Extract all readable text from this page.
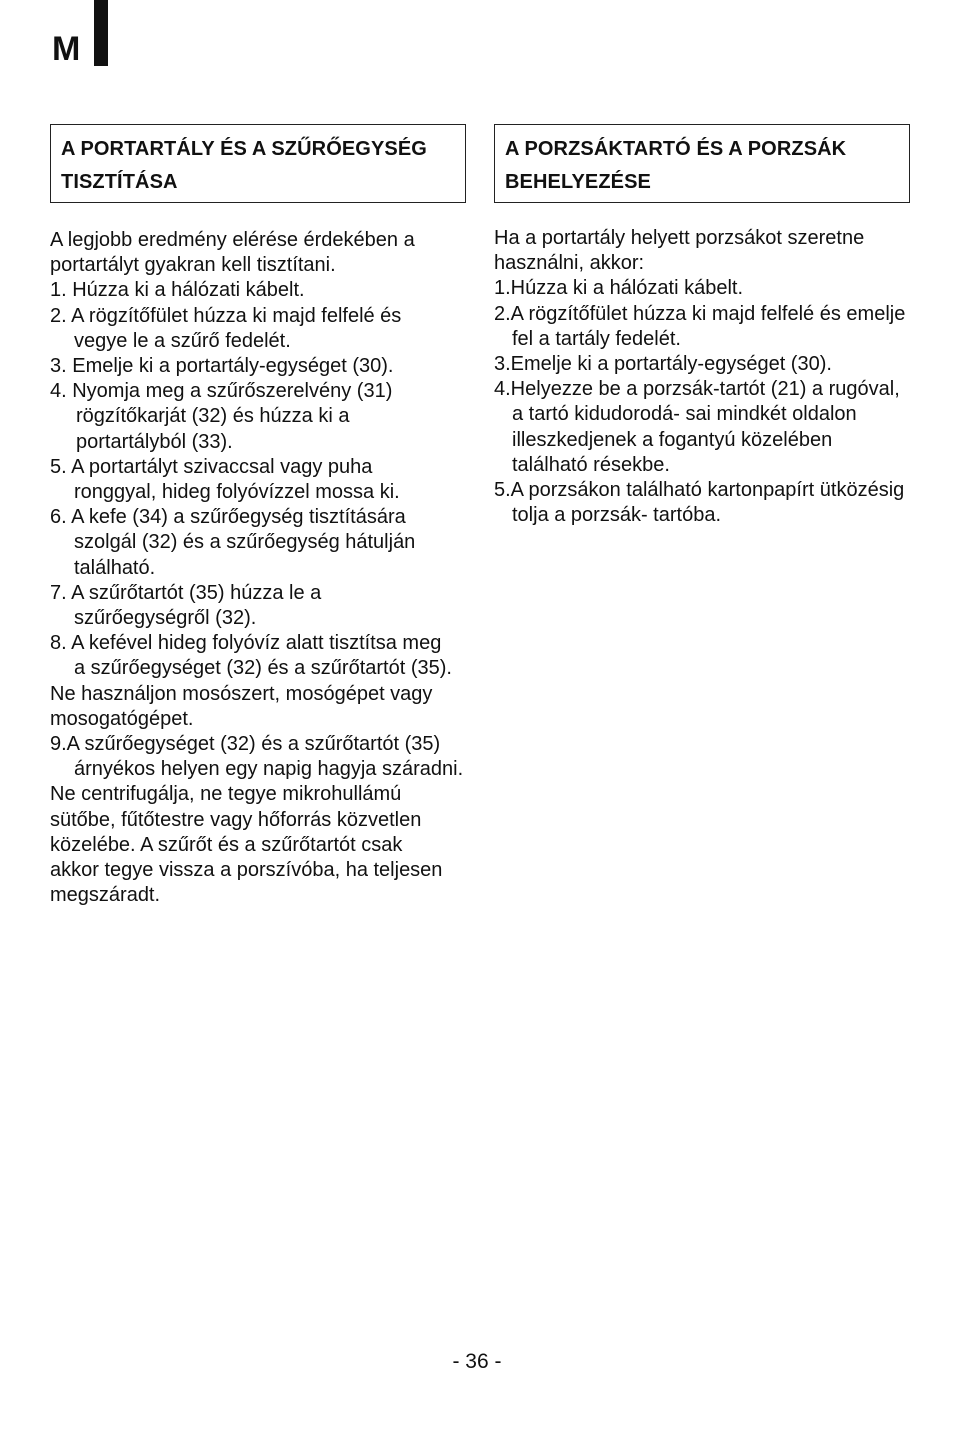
M
A PORTARTÁLY ÉS A SZŰRŐEGYSÉG
TISZTÍTÁSA
A legjobb eredmény elérése érdekében a
portartályt gyakran kell tisztítani.
1. Húzza ki a hálózati kábelt.
2. A rögzítőfület húzza ki majd felfelé és
vegye le a szűrő fedelét.
3. Emelje ki a portartály-egységet (30).
4. Nyomja meg a szűrőszerelvény (31)
rögzítőkarját (32) és húzza ki a
portartályból (33).
5. A portartályt szivaccsal vagy puha
ronggyal, hideg folyóvízzel mossa ki.
6. A kefe (34) a szűrőegység tisztítására
szolgál (32) és a szűrőegység hátulján
található.
7. A szűrőtartót (35) húzza le a
szűrőegységről (32).
8. A kefével hideg folyóvíz alatt tisztítsa meg
a szűrőegységet (32) és a szűrőtartót (35).
Ne használjon mosószert, mosógépet vagy
mosogatógépet.
9.A szűrőegységet (32) és a szűrőtartót (35)
árnyékos helyen egy napig hagyja száradni.
Ne centrifugálja, ne tegye mikrohullámú
sütőbe, fűtőtestre vagy hőforrás közvetlen
közelébe. A szűrőt és a szűrőtartót csak
akkor tegye vissza a porszívóba, ha teljesen
megszáradt.
A PORZSÁKTARTÓ ÉS A PORZSÁK
BEHELYEZÉSE
Ha a portartály helyett porzsákot szeretne
használni, akkor:
1.Húzza ki a hálózati kábelt.
2.A rögzítőfület húzza ki majd felfelé és emelje
fel a tartály fedelét.
3.Emelje ki a portartály-egységet (30).
4.Helyezze be a porzsák-tartót (21) a rugóval,
a tartó kidudorodá- sai mindkét oldalon
illeszkedjenek a fogantyú közelében
található résekbe.
5.A porzsákon található kartonpapírt ütközésig
tolja a porzsák- tartóba.
- 36 -
